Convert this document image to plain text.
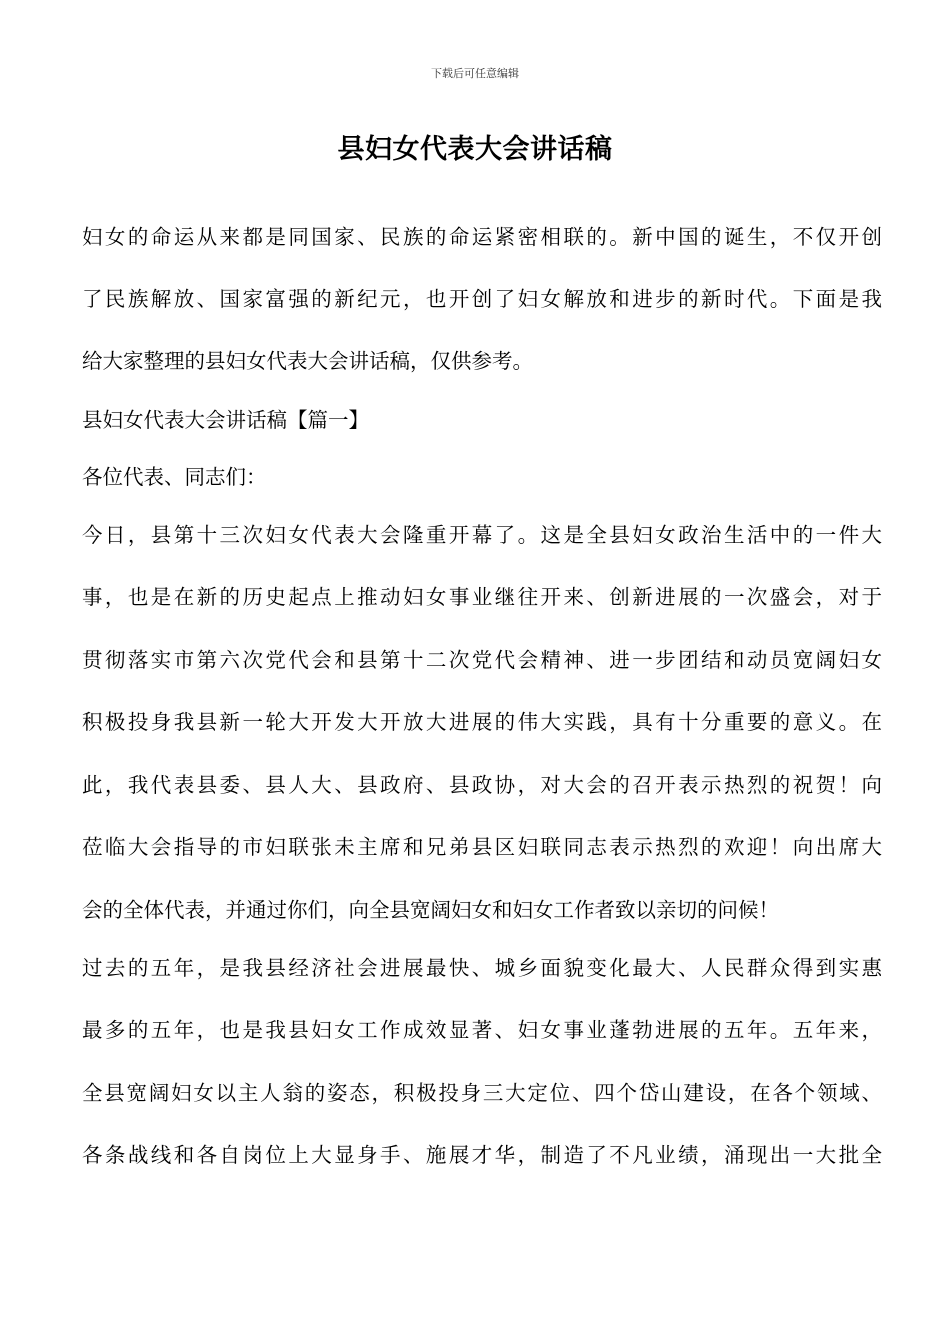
下载后可任意编辑
县妇女代表大会讲话稿
妇女的命运从来都是同国家、民族的命运紧密相联的。新中国的诞生，不仅开创
了民族解放、国家富强的新纪元，也开创了妇女解放和进步的新时代。下面是我
给大家整理的县妇女代表大会讲话稿，仅供参考。
县妇女代表大会讲话稿【篇一】
各位代表、同志们：
今日，县第十三次妇女代表大会隆重开幕了。这是全县妇女政治生活中的一件大
事，也是在新的历史起点上推动妇女事业继往开来、创新进展的一次盛会，对于
贯彻落实市第六次党代会和县第十二次党代会精神、进一步团结和动员宽阔妇女
积极投身我县新一轮大开发大开放大进展的伟大实践，具有十分重要的意义。在
此，我代表县委、县人大、县政府、县政协，对大会的召开表示热烈的祝贺！向
莅临大会指导的市妇联张未主席和兄弟县区妇联同志表示热烈的欢迎！向出席大
会的全体代表，并通过你们，向全县宽阔妇女和妇女工作者致以亲切的问候！
过去的五年，是我县经济社会进展最快、城乡面貌变化最大、人民群众得到实惠
最多的五年，也是我县妇女工作成效显著、妇女事业蓬勃进展的五年。五年来，
全县宽阔妇女以主人翁的姿态，积极投身三大定位、四个岱山建设，在各个领域、
各条战线和各自岗位上大显身手、施展才华，制造了不凡业绩，涌现出一大批全
